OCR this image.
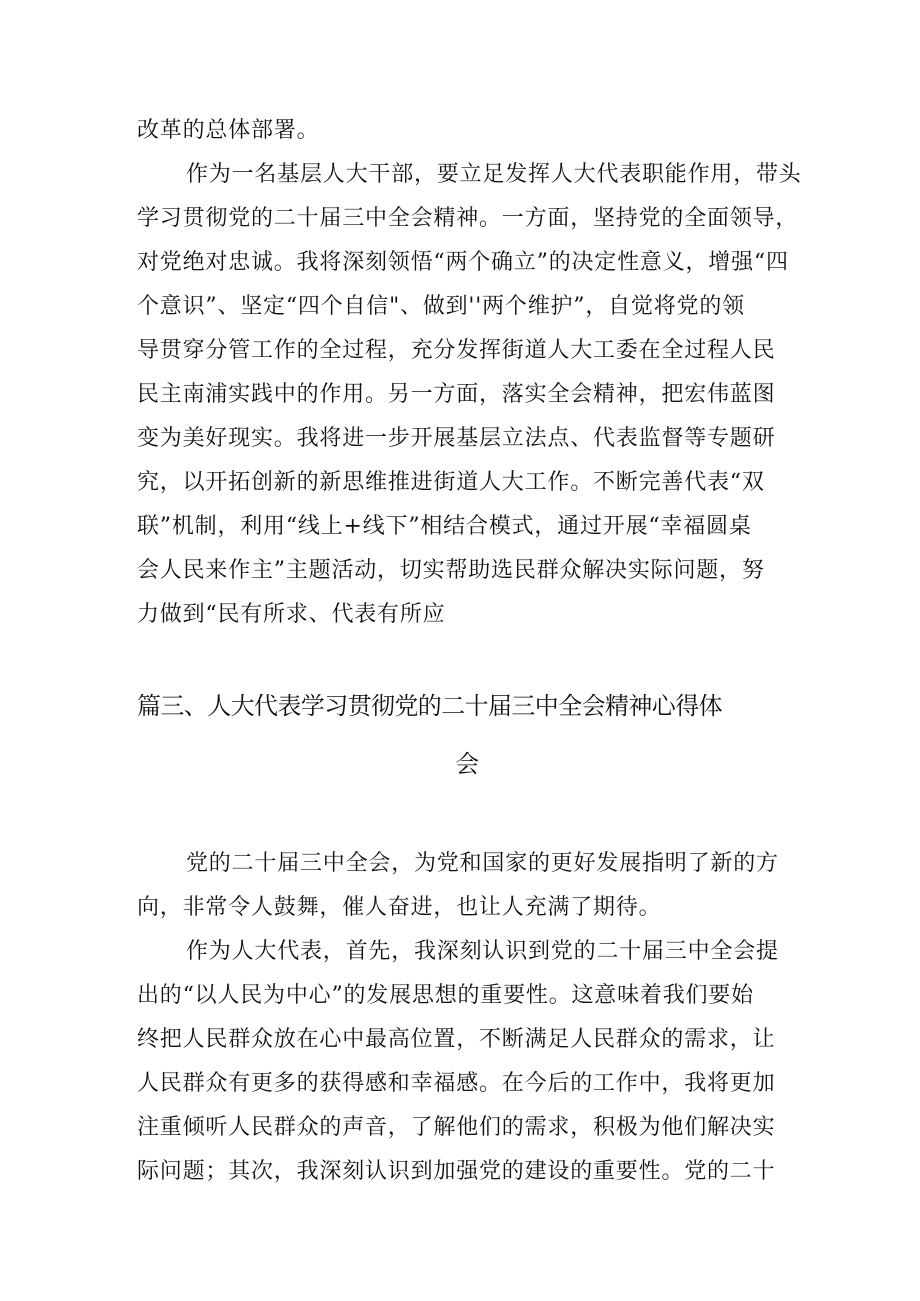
改革的总体部署。
作为一名基层人大干部，要立足发挥人大代表职能作用，带头
学习贯彻党的二十届三中全会精神。一方面，坚持党的全面领导，
对党绝对忠诚。我将深刻领悟“两个确立”的决定性意义，增强“四
个意识”、坚定“四个自信"、做到''两个维护”，自觉将党的领
导贯穿分管工作的全过程，充分发挥街道人大工委在全过程人民
民主南浦实践中的作用。另一方面，落实全会精神，把宏伟蓝图
变为美好现实。我将进一步开展基层立法点、代表监督等专题研
究，以开拓创新的新思维推进街道人大工作。不断完善代表“双
联”机制，利用“线上+线下”相结合模式，通过开展“幸福圆桌
会人民来作主”主题活动，切实帮助选民群众解决实际问题，努
力做到“民有所求、代表有所应
篇三、人大代表学习贯彻党的二十届三中全会精神心得体
会
党的二十届三中全会，为党和国家的更好发展指明了新的方
向，非常令人鼓舞，催人奋进，也让人充满了期待。
作为人大代表，首先，我深刻认识到党的二十届三中全会提
出的“以人民为中心”的发展思想的重要性。这意味着我们要始
终把人民群众放在心中最高位置，不断满足人民群众的需求，让
人民群众有更多的获得感和幸福感。在今后的工作中，我将更加
注重倾听人民群众的声音，了解他们的需求，积极为他们解决实
际问题；其次，我深刻认识到加强党的建设的重要性。党的二十
